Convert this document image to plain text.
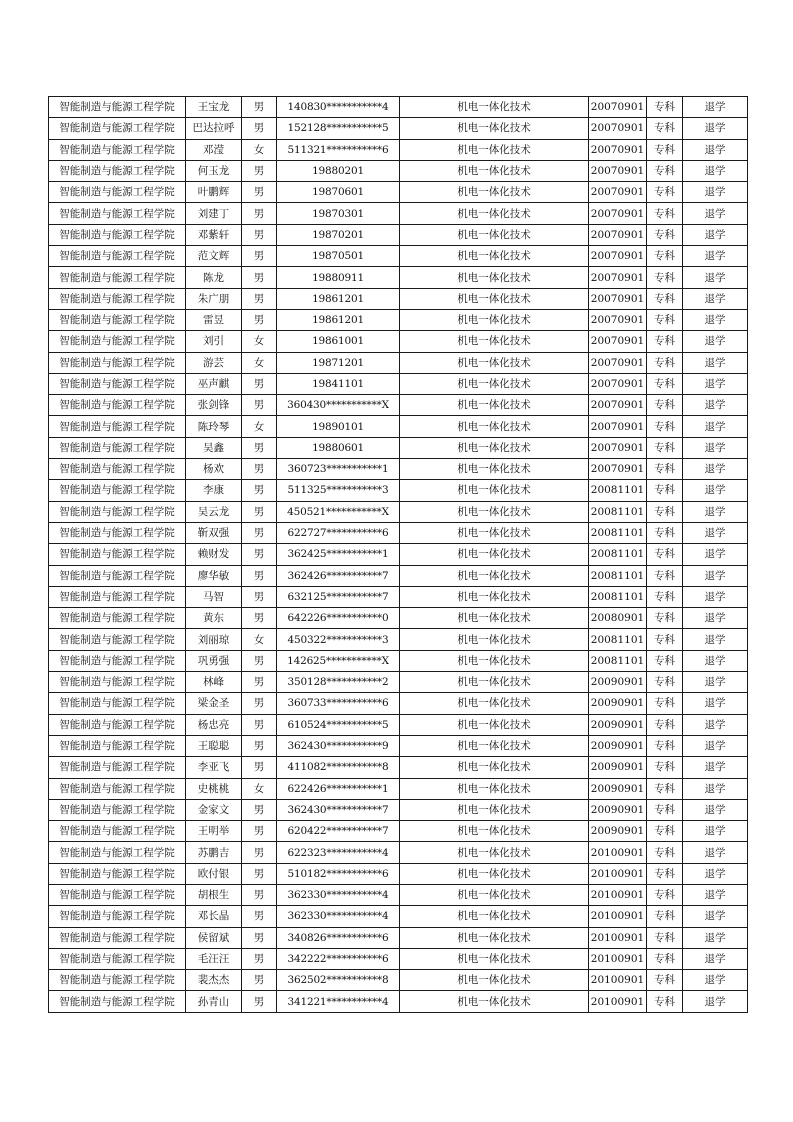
智能制造与能源工程学院	王宝龙	男	140830***********4	机电一体化技术	20070901	专科	退学
智能制造与能源工程学院	巴达拉呼	男	152128***********5	机电一体化技术	20070901	专科	退学
智能制造与能源工程学院	邓滢	女	511321***********6	机电一体化技术	20070901	专科	退学
智能制造与能源工程学院	何玉龙	男	19880201	机电一体化技术	20070901	专科	退学
智能制造与能源工程学院	叶鹏辉	男	19870601	机电一体化技术	20070901	专科	退学
智能制造与能源工程学院	刘建丁	男	19870301	机电一体化技术	20070901	专科	退学
智能制造与能源工程学院	邓紫轩	男	19870201	机电一体化技术	20070901	专科	退学
智能制造与能源工程学院	范文辉	男	19870501	机电一体化技术	20070901	专科	退学
智能制造与能源工程学院	陈龙	男	19880911	机电一体化技术	20070901	专科	退学
智能制造与能源工程学院	朱广朋	男	19861201	机电一体化技术	20070901	专科	退学
智能制造与能源工程学院	雷昱	男	19861201	机电一体化技术	20070901	专科	退学
智能制造与能源工程学院	刘引	女	19861001	机电一体化技术	20070901	专科	退学
智能制造与能源工程学院	游芸	女	19871201	机电一体化技术	20070901	专科	退学
智能制造与能源工程学院	巫声麒	男	19841101	机电一体化技术	20070901	专科	退学
智能制造与能源工程学院	张剑锋	男	360430***********X	机电一体化技术	20070901	专科	退学
智能制造与能源工程学院	陈玲琴	女	19890101	机电一体化技术	20070901	专科	退学
智能制造与能源工程学院	吴鑫	男	19880601	机电一体化技术	20070901	专科	退学
智能制造与能源工程学院	杨欢	男	360723***********1	机电一体化技术	20070901	专科	退学
智能制造与能源工程学院	李康	男	511325***********3	机电一体化技术	20081101	专科	退学
智能制造与能源工程学院	吴云龙	男	450521***********X	机电一体化技术	20081101	专科	退学
智能制造与能源工程学院	靳双强	男	622727***********6	机电一体化技术	20081101	专科	退学
智能制造与能源工程学院	赖财发	男	362425***********1	机电一体化技术	20081101	专科	退学
智能制造与能源工程学院	廖华敏	男	362426***********7	机电一体化技术	20081101	专科	退学
智能制造与能源工程学院	马智	男	632125***********7	机电一体化技术	20081101	专科	退学
智能制造与能源工程学院	黄东	男	642226***********0	机电一体化技术	20080901	专科	退学
智能制造与能源工程学院	刘丽琼	女	450322***********3	机电一体化技术	20081101	专科	退学
智能制造与能源工程学院	巩勇强	男	142625***********X	机电一体化技术	20081101	专科	退学
智能制造与能源工程学院	林峰	男	350128***********2	机电一体化技术	20090901	专科	退学
智能制造与能源工程学院	梁金圣	男	360733***********6	机电一体化技术	20090901	专科	退学
智能制造与能源工程学院	杨忠亮	男	610524***********5	机电一体化技术	20090901	专科	退学
智能制造与能源工程学院	王聪聪	男	362430***********9	机电一体化技术	20090901	专科	退学
智能制造与能源工程学院	李亚飞	男	411082***********8	机电一体化技术	20090901	专科	退学
智能制造与能源工程学院	史桃桃	女	622426***********1	机电一体化技术	20090901	专科	退学
智能制造与能源工程学院	金家文	男	362430***********7	机电一体化技术	20090901	专科	退学
智能制造与能源工程学院	王明举	男	620422***********7	机电一体化技术	20090901	专科	退学
智能制造与能源工程学院	苏鹏吉	男	622323***********4	机电一体化技术	20100901	专科	退学
智能制造与能源工程学院	欧付银	男	510182***********6	机电一体化技术	20100901	专科	退学
智能制造与能源工程学院	胡根生	男	362330***********4	机电一体化技术	20100901	专科	退学
智能制造与能源工程学院	邓长晶	男	362330***********4	机电一体化技术	20100901	专科	退学
智能制造与能源工程学院	侯留斌	男	340826***********6	机电一体化技术	20100901	专科	退学
智能制造与能源工程学院	毛汪汪	男	342222***********6	机电一体化技术	20100901	专科	退学
智能制造与能源工程学院	裴杰杰	男	362502***********8	机电一体化技术	20100901	专科	退学
智能制造与能源工程学院	孙青山	男	341221***********4	机电一体化技术	20100901	专科	退学
